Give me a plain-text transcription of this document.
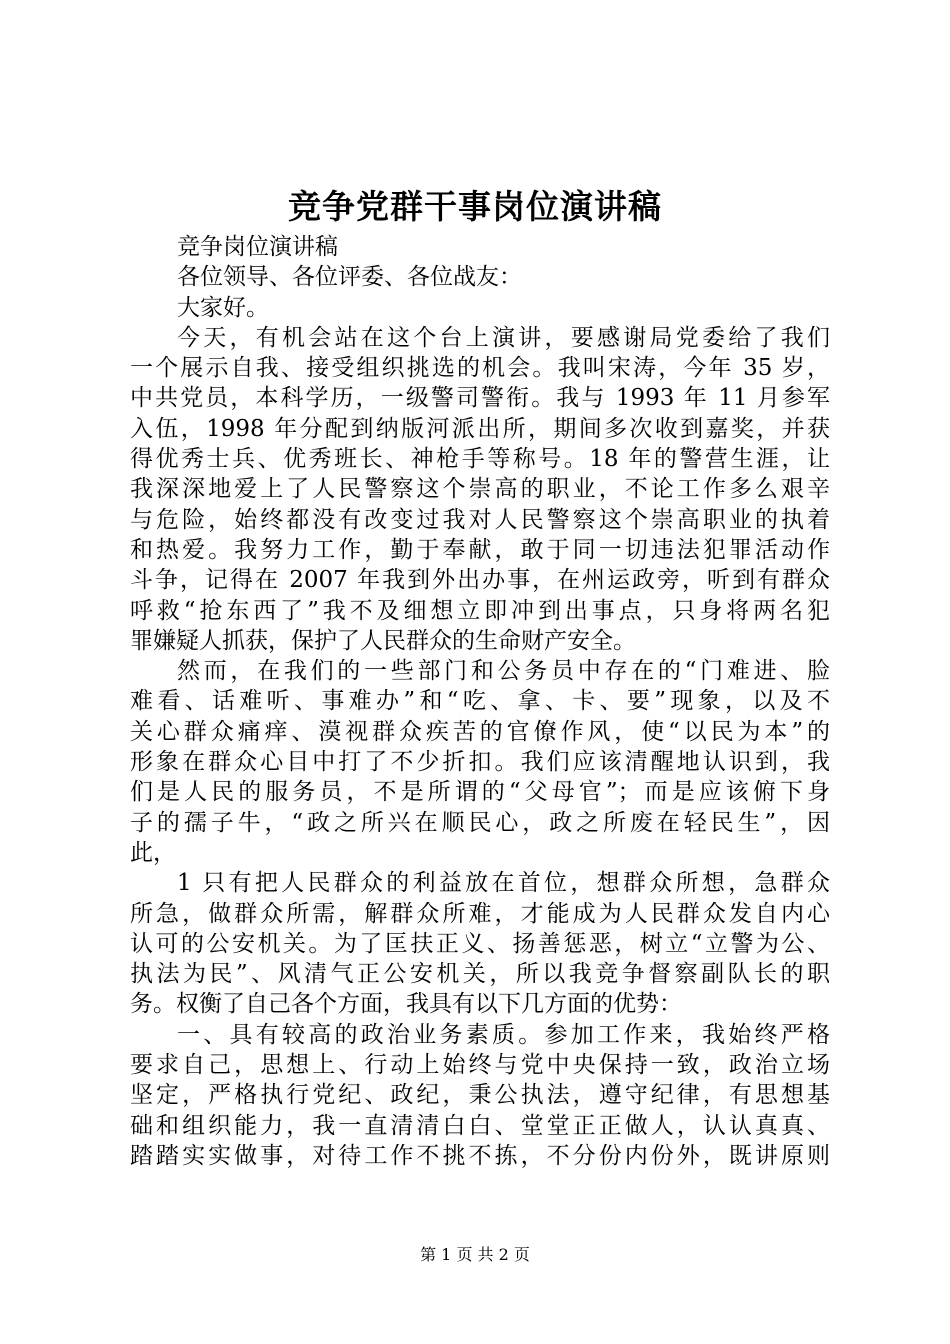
竞争党群干事岗位演讲稿
竞争岗位演讲稿
各位领导、各位评委、各位战友：
大家好。
今天，有机会站在这个台上演讲，要感谢局党委给了我们
一个展示自我、接受组织挑选的机会。我叫宋涛，今年 35 岁，
中共党员，本科学历，一级警司警衔。我与 1993 年 11 月参军
入伍，1998 年分配到纳版河派出所，期间多次收到嘉奖，并获
得优秀士兵、优秀班长、神枪手等称号。18 年的警营生涯，让
我深深地爱上了人民警察这个崇高的职业，不论工作多么艰辛
与危险，始终都没有改变过我对人民警察这个崇高职业的执着
和热爱。我努力工作，勤于奉献，敢于同一切违法犯罪活动作
斗争，记得在 2007 年我到外出办事，在州运政旁，听到有群众
呼救“抢东西了”我不及细想立即冲到出事点，只身将两名犯
罪嫌疑人抓获，保护了人民群众的生命财产安全。
然而，在我们的一些部门和公务员中存在的“门难进、脸
难看、话难听、事难办”和“吃、拿、卡、要”现象，以及不
关心群众痛痒、漠视群众疾苦的官僚作风，使“以民为本”的
形象在群众心目中打了不少折扣。我们应该清醒地认识到，我
们是人民的服务员，不是所谓的“父母官”；而是应该俯下身
子的孺子牛，“政之所兴在顺民心，政之所废在轻民生”，因
此，
1 只有把人民群众的利益放在首位，想群众所想，急群众
所急，做群众所需，解群众所难，才能成为人民群众发自内心
认可的公安机关。为了匡扶正义、扬善惩恶，树立“立警为公、
执法为民”、风清气正公安机关，所以我竞争督察副队长的职
务。权衡了自己各个方面，我具有以下几方面的优势：
一、具有较高的政治业务素质。参加工作来，我始终严格
要求自己，思想上、行动上始终与党中央保持一致，政治立场
坚定，严格执行党纪、政纪，秉公执法，遵守纪律，有思想基
础和组织能力，我一直清清白白、堂堂正正做人，认认真真、
踏踏实实做事，对待工作不挑不拣，不分份内份外，既讲原则
第 1 页 共 2 页
